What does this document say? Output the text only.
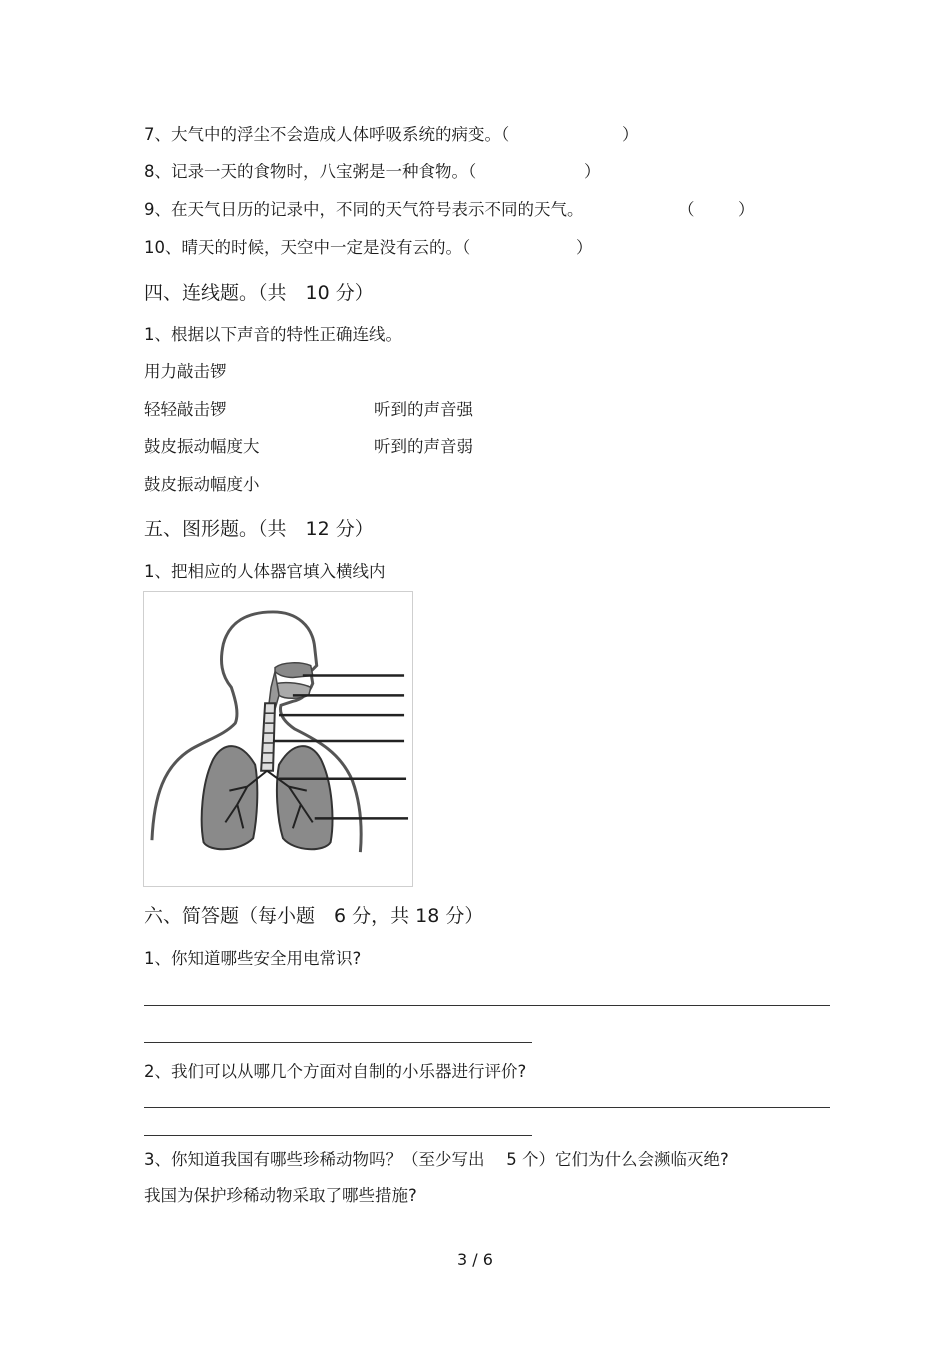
7、大气中的浮尘不会造成人体呼吸系统的病变。（	）
8、记录一天的食物时，八宝粥是一种食物。（	）
9、在天气日历的记录中，不同的天气符号表示不同的天气。	（	）
10、晴天的时候，天空中一定是没有云的。（	）
四、连线题。（共　10 分）
1、根据以下声音的特性正确连线。
用力敲击锣
轻轻敲击锣	听到的声音强
鼓皮振动幅度大	听到的声音弱
鼓皮振动幅度小
五、图形题。（共　12 分）
1、把相应的人体器官填入横线内
六、简答题（每小题　6 分，共 18 分）
1、你知道哪些安全用电常识?
2、我们可以从哪几个方面对自制的小乐器进行评价?
3、你知道我国有哪些珍稀动物吗？（至少写出　 5 个）它们为什么会濒临灭绝?
我国为保护珍稀动物采取了哪些措施?
3 / 6
